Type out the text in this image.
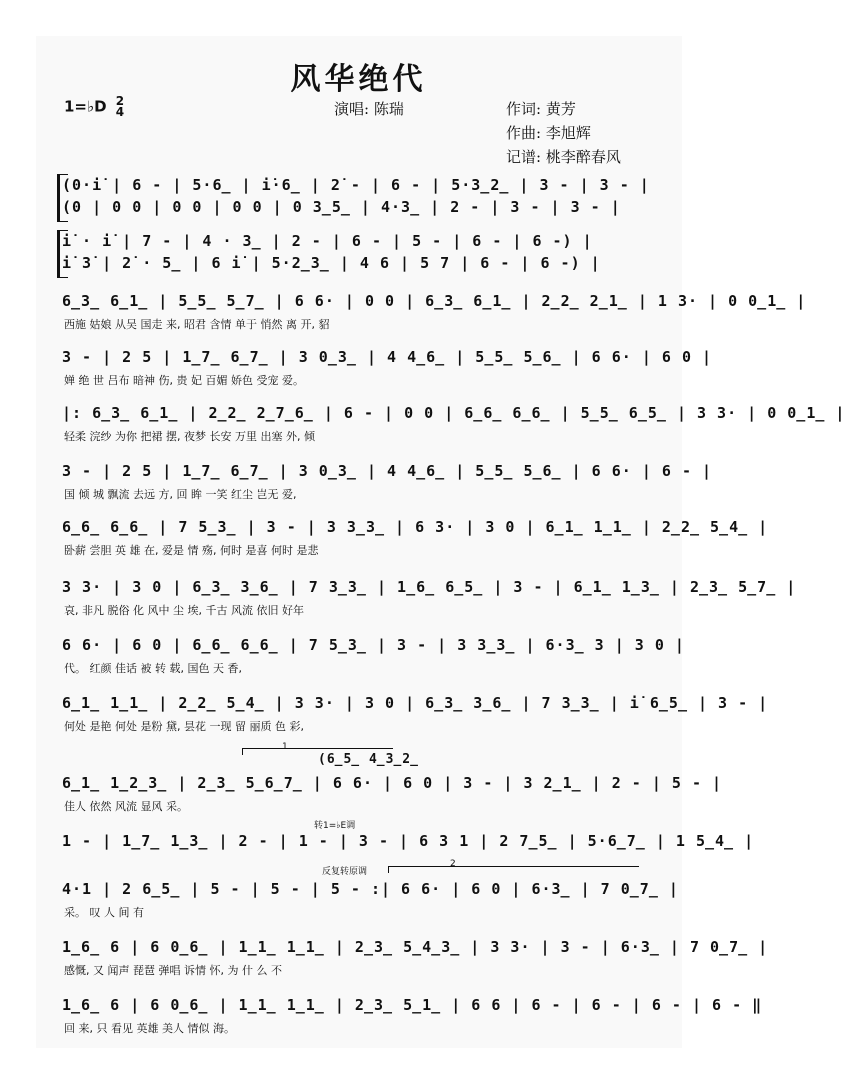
风华绝代
1=♭D 2
4	演唱: 陈瑞	作词: 黄芳
作曲: 李旭辉
记谱: 桃李醉春风
(0·i̇ | 6 - | 5·6̲ | i̇·6̲ | 2̇ - | 6 - | 5·3̲2̲ | 3 - | 3 - |
(0 | 0 0 | 0 0 | 0 0 | 0 3̲5̲ | 4·3̲ | 2 - | 3 - | 3 - |
i̇ · i̇ | 7 - | 4 · 3̲ | 2 - | 6 - | 5 - | 6 - | 6 -) |
i̇ 3̇ | 2̇ · 5̲ | 6 i̇ | 5·2̲3̲ | 4 6 | 5 7 | 6 - | 6 -) |
6̲3̲ 6̲1̲ | 5̲5̲ 5̲7̲ | 6 6· | 0 0 | 6̲3̲ 6̲1̲ | 2̲2̲ 2̲1̲ | 1 3· | 0 0̲1̲ |
西施 姑娘 从吴 国走 来, 昭君 含情 单于 悄然 离 开, 貂
3 - | 2 5 | 1̲7̲ 6̲7̲ | 3 0̲3̲ | 4 4̲6̲ | 5̲5̲ 5̲6̲ | 6 6· | 6 0 |
婵 绝 世 吕布 暗神 伤, 贵 妃 百媚 娇色 受宠 爱。
|: 6̲3̲ 6̲1̲ | 2̲2̲ 2̲7̲6̲ | 6 - | 0 0 | 6̲6̲ 6̲6̲ | 5̲5̲ 6̲5̲ | 3 3· | 0 0̲1̲ |
轻柔 浣纱 为你 把裙 摆, 夜梦 长安 万里 出塞 外, 倾
3 - | 2 5 | 1̲7̲ 6̲7̲ | 3 0̲3̲ | 4 4̲6̲ | 5̲5̲ 5̲6̲ | 6 6· | 6 - |
国 倾 城 飘流 去远 方, 回 眸 一笑 红尘 岂无 爱,
6̲6̲ 6̲6̲ | 7 5̲3̲ | 3 - | 3 3̲3̲ | 6 3· | 3 0 | 6̲1̲ 1̲1̲ | 2̲2̲ 5̲4̲ |
卧薪 尝胆 英 雄 在, 爱是 情 殇, 何时 是喜 何时 是悲
3 3· | 3 0 | 6̲3̲ 3̲6̲ | 7 3̲3̲ | 1̲6̲ 6̲5̲ | 3 - | 6̲1̲ 1̲3̲ | 2̲3̲ 5̲7̲ |
哀, 非凡 脱俗 化 风中 尘 埃, 千古 风流 依旧 好年
6 6· | 6 0 | 6̲6̲ 6̲6̲ | 7 5̲3̲ | 3 - | 3 3̲3̲ | 6·3̲ 3 | 3 0 |
代。 红颜 佳话 被 转 载, 国色 天 香,
6̲1̲ 1̲1̲ | 2̲2̲ 5̲4̲ | 3 3· | 3 0 | 6̲3̲ 3̲6̲ | 7 3̲3̲ | i̇ 6̲5̲ | 3 - |
何处 是艳 何处 是粉 黛, 昙花 一现 留 丽质 色 彩,
1
(6̲5̲ 4̲3̲2̲
6̲1̲ 1̲2̲3̲ | 2̲3̲ 5̲6̲7̲ | 6 6· | 6 0 | 3 - | 3 2̲1̲ | 2 - | 5 - |
佳人 依然 风流 显风 采。
转1=♭E调
1 - | 1̲7̲ 1̲3̲ | 2 - | 1 - | 3 - | 6 3 1 | 2 7̲5̲ | 5·6̲7̲ | 1 5̲4̲ |
反复转原调
2
4·1 | 2 6̲5̲ | 5 - | 5 - | 5 - :| 6 6· | 6 0 | 6·3̲ | 7 0̲7̲ |
采。 叹 人 间 有
1̲6̲ 6 | 6 0̲6̲ | 1̲1̲ 1̲1̲ | 2̲3̲ 5̲4̲3̲ | 3 3· | 3 - | 6·3̲ | 7 0̲7̲ |
感慨, 又 闻声 琵琶 弹唱 诉情 怀, 为 什 么 不
1̲6̲ 6 | 6 0̲6̲ | 1̲1̲ 1̲1̲ | 2̲3̲ 5̲1̲ | 6 6 | 6 - | 6 - | 6 - | 6 - ‖
回 来, 只 看见 英雄 美人 情似 海。
